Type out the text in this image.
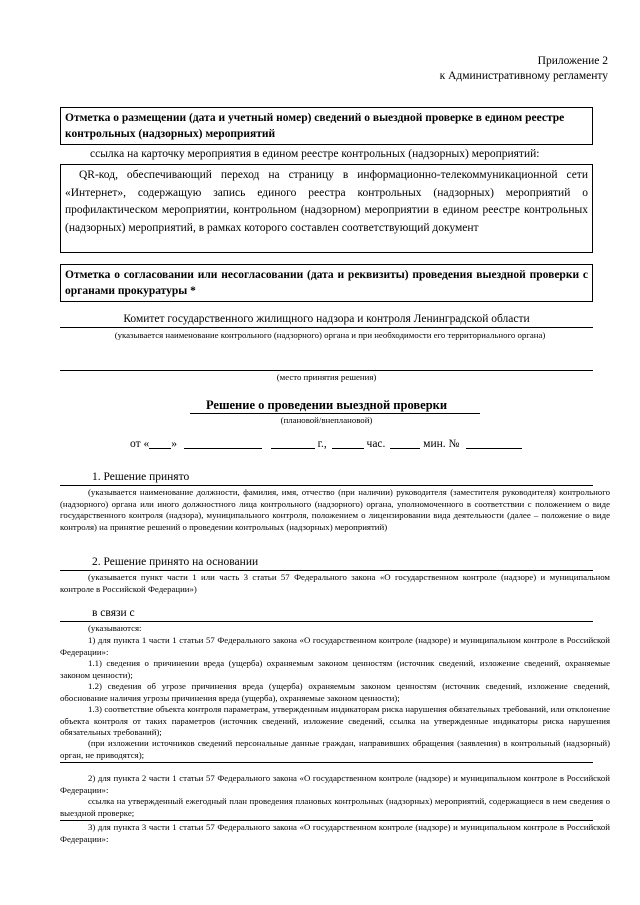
Приложение 2
к Административному регламенту
Отметка о размещении (дата и учетный номер) сведений о выездной проверке в едином реестре контрольных (надзорных) мероприятий
ссылка на карточку мероприятия в едином реестре контрольных (надзорных) мероприятий:
QR-код, обеспечивающий переход на страницу в информационно-телекоммуникационной сети «Интернет», содержащую запись единого реестра контрольных (надзорных) мероприятий о профилактическом мероприятии, контрольном (надзорном) мероприятии в едином реестре контрольных (надзорных) мероприятий, в рамках которого составлен соответствующий документ
Отметка о согласовании или несогласовании (дата и реквизиты) проведения выездной проверки с органами прокуратуры *
Комитет государственного жилищного надзора и контроля Ленинградской области
(указывается наименование контрольного (надзорного) органа и при необходимости его территориального органа)
(место принятия решения)
Решение о проведении выездной проверки
(плановой/внеплановой)
от « »	г.,	час.	мин. №
1. Решение принято
(указывается наименование должности, фамилия, имя, отчество (при наличии) руководителя (заместителя руководителя) контрольного (надзорного) органа или иного должностного лица контрольного (надзорного) органа, уполномоченного в соответствии с положением о виде государственного контроля (надзора), муниципального контроля, положением о лицензировании вида деятельности (далее – положение о виде контроля) на принятие решений о проведении контрольных (надзорных) мероприятий)
2. Решение принято на основании
(указывается пункт части 1 или часть 3 статьи 57 Федерального закона «О государственном контроле (надзоре) и муниципальном контроле в Российской Федерации»)
в связи с
(указываются:
1) для пункта 1 части 1 статьи 57 Федерального закона «О государственном контроле (надзоре) и муниципальном контроле в Российской Федерации»:
1.1) сведения о причинении вреда (ущерба) охраняемым законом ценностям (источник сведений, изложение сведений, охраняемые законом ценности);
1.2) сведения об угрозе причинения вреда (ущерба) охраняемым законом ценностям (источник сведений, изложение сведений, обоснование наличия угрозы причинения вреда (ущерба), охраняемые законом ценности);
1.3) соответствие объекта контроля параметрам, утвержденным индикаторам риска нарушения обязательных требований, или отклонение объекта контроля от таких параметров (источник сведений, изложение сведений, ссылка на утвержденные индикаторы риска нарушения обязательных требований);
(при изложении источников сведений персональные данные граждан, направивших обращения (заявления) в контрольный (надзорный) орган, не приводятся);
2) для пункта 2 части 1 статьи 57 Федерального закона «О государственном контроле (надзоре) и муниципальном контроле в Российской Федерации»:
ссылка на утвержденный ежегодный план проведения плановых контрольных (надзорных) мероприятий, содержащиеся в нем сведения о выездной проверке;
3) для пункта 3 части 1 статьи 57 Федерального закона «О государственном контроле (надзоре) и муниципальном контроле в Российской Федерации»:
